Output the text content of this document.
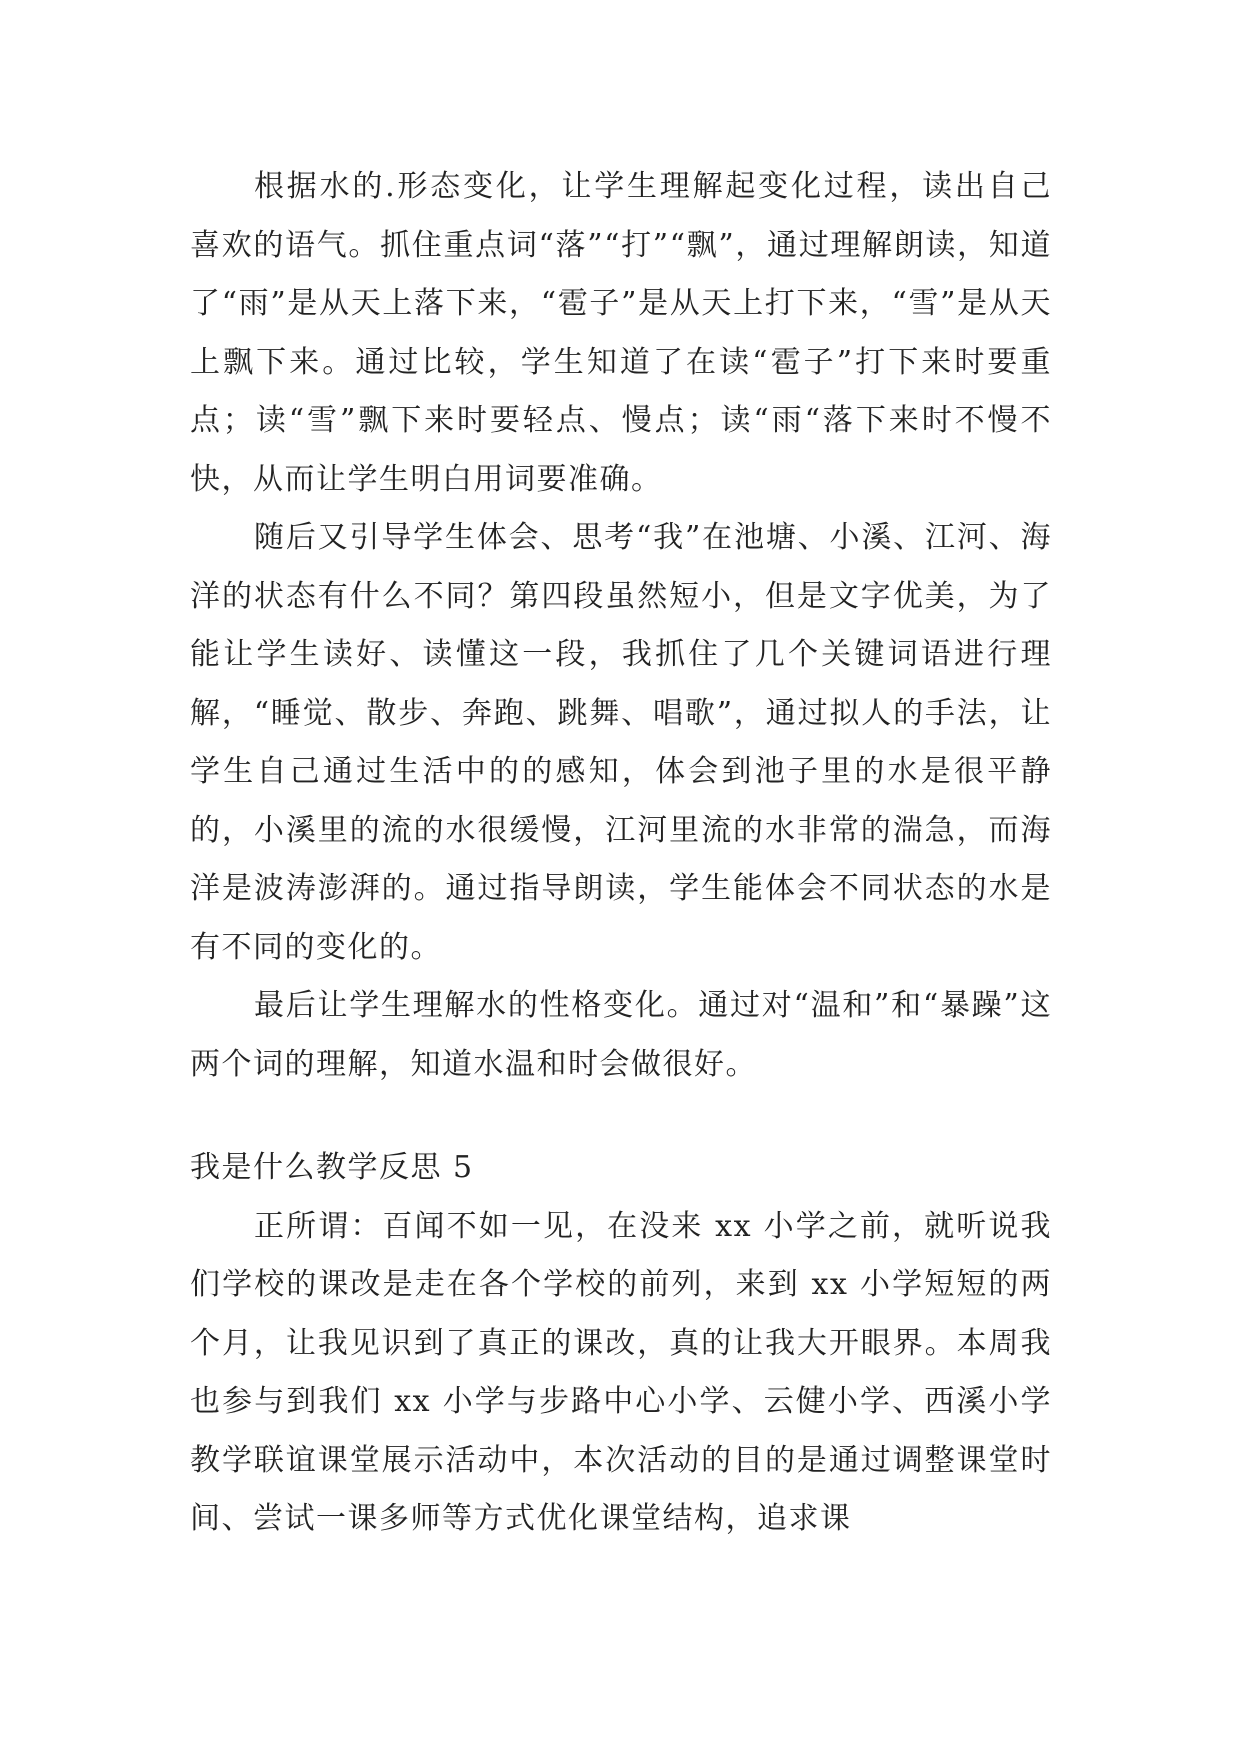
根据水的.形态变化，让学生理解起变化过程，读出自己喜欢的语气。抓住重点词“落”“打”“飘”，通过理解朗读，知道了“雨”是从天上落下来，“雹子”是从天上打下来，“雪”是从天上飘下来。通过比较，学生知道了在读“雹子”打下来时要重点；读“雪”飘下来时要轻点、慢点；读“雨“落下来时不慢不快，从而让学生明白用词要准确。

随后又引导学生体会、思考“我”在池塘、小溪、江河、海洋的状态有什么不同？第四段虽然短小，但是文字优美，为了能让学生读好、读懂这一段，我抓住了几个关键词语进行理解，“睡觉、散步、奔跑、跳舞、唱歌”，通过拟人的手法，让学生自己通过生活中的的感知，体会到池子里的水是很平静的，小溪里的流的水很缓慢，江河里流的水非常的湍急，而海洋是波涛澎湃的。通过指导朗读，学生能体会不同状态的水是有不同的变化的。

最后让学生理解水的性格变化。通过对“温和”和“暴躁”这两个词的理解，知道水温和时会做很好。

我是什么教学反思 5

正所谓：百闻不如一见，在没来 xx 小学之前，就听说我们学校的课改是走在各个学校的前列，来到 xx 小学短短的两个月，让我见识到了真正的课改，真的让我大开眼界。本周我也参与到我们 xx 小学与步路中心小学、云健小学、西溪小学教学联谊课堂展示活动中，本次活动的目的是通过调整课堂时间、尝试一课多师等方式优化课堂结构，追求课
